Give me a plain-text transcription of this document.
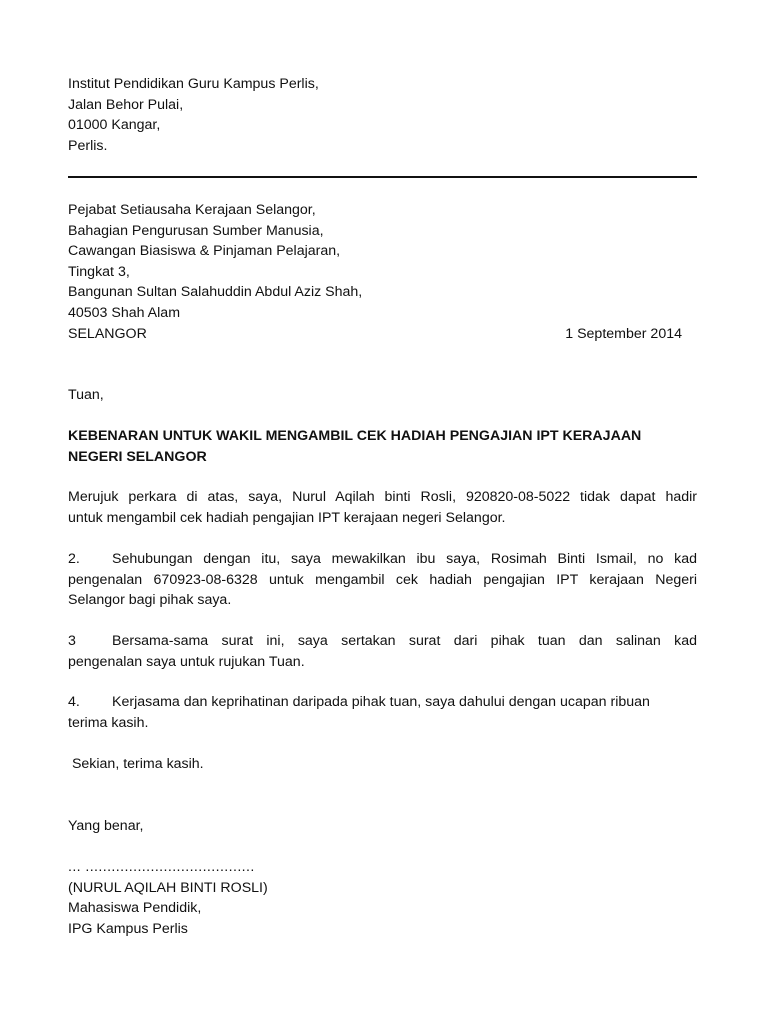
Institut Pendidikan Guru Kampus Perlis,
Jalan Behor Pulai,
01000 Kangar,
Perlis.
Pejabat Setiausaha Kerajaan Selangor,
Bahagian Pengurusan Sumber Manusia,
Cawangan Biasiswa & Pinjaman Pelajaran,
Tingkat 3,
Bangunan Sultan Salahuddin Abdul Aziz Shah,
40503 Shah Alam
SELANGOR	1 September 2014
Tuan,
KEBENARAN UNTUK WAKIL MENGAMBIL CEK HADIAH PENGAJIAN IPT KERAJAAN
NEGERI SELANGOR
Merujuk perkara di atas, saya, Nurul Aqilah binti Rosli, 920820-08-5022 tidak dapat hadir
untuk mengambil cek hadiah pengajian IPT kerajaan negeri Selangor.
2. Sehubungan dengan itu, saya mewakilkan ibu saya, Rosimah Binti Ismail, no kad
pengenalan 670923-08-6328 untuk mengambil cek hadiah pengajian IPT kerajaan Negeri
Selangor bagi pihak saya.
3	Bersama-sama surat ini, saya sertakan surat dari pihak tuan dan salinan kad
pengenalan saya untuk rujukan Tuan.
4. Kerjasama dan keprihatinan daripada pihak tuan, saya dahului dengan ucapan ribuan
terima kasih.
Sekian, terima kasih.
Yang benar,
... .......................................
(NURUL AQILAH BINTI ROSLI)
Mahasiswa Pendidik,
IPG Kampus Perlis
